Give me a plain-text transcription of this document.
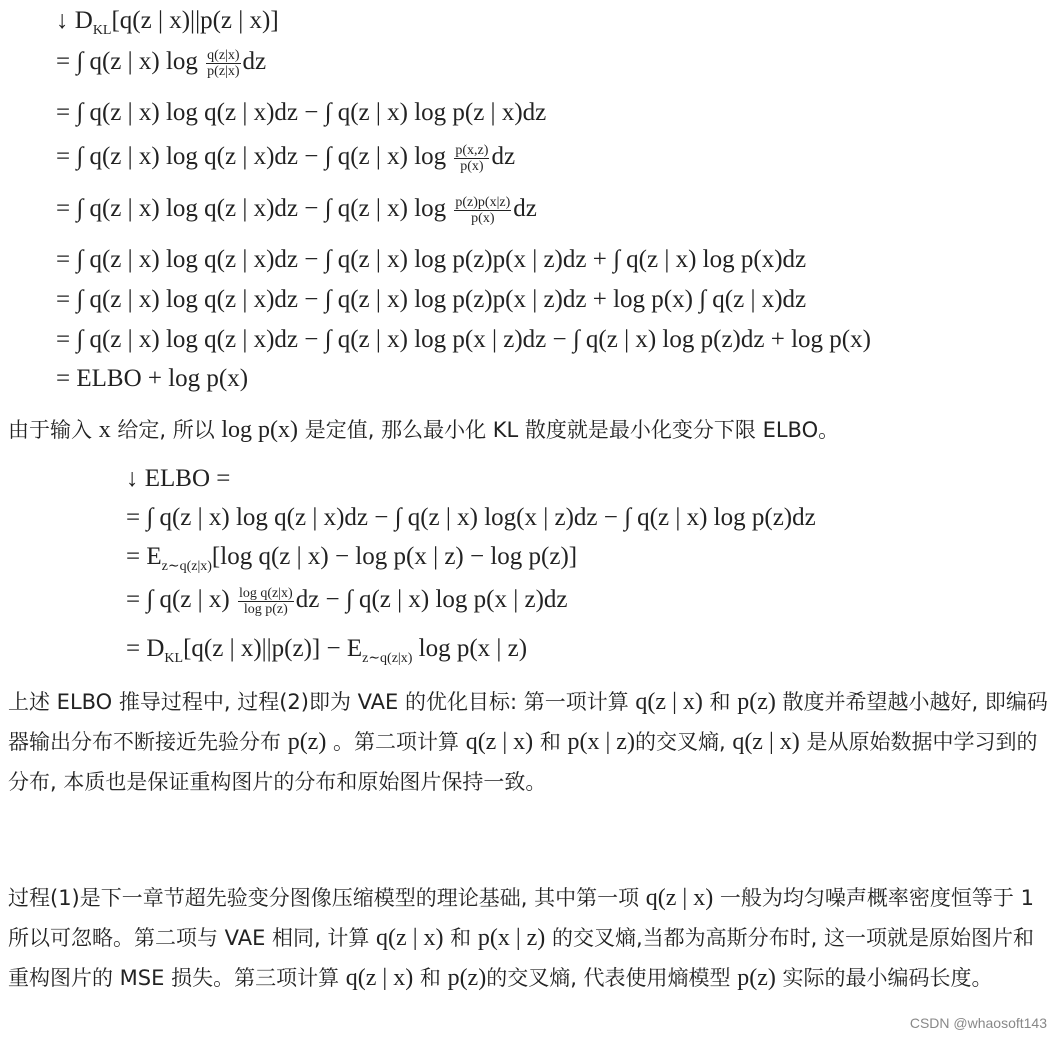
↓ $D_{KL}[q(z$ | x)||p(z | x)]
= ∫ q(z | x) $\log \frac{q(z|x)}{p(z|x)}$ dz
= ∫ q(z | x) log q(z | x)dz − ∫ q(z | x) log p(z | x)dz
= ∫ q(z | x) log q(z | x)dz − ∫ q(z | x) $\log \frac{p(x,z)}{p(x)}$ dz
= ∫ q(z | x) log q(z | x)dz − ∫ q(z | x) $\log \frac{p(z)p(x|z)}{p(x)}$ dz
= ∫ q(z | x) log q(z | x)dz − ∫ q(z | x) log p(z)p(x | z)dz + ∫ q(z | x) log p(x)dz
= ∫ q(z | x) log q(z | x)dz − ∫ q(z | x) log p(z)p(x | z)dz + log p(x) ∫ q(z | x)dz
= ∫ q(z | x) log q(z | x)dz − ∫ q(z | x) log p(x | z)dz − ∫ q(z | x) log p(z)dz + log p(x)
= ELBO + log p(x)

由于输入 x 给定, 所以 log p(x) 是定值, 那么最小化 KL 散度就是最小化变分下限 ELBO。

↓ ELBO =
= ∫ q(z | x) log q(z | x)dz − ∫ q(z | x) log(x | z)dz − ∫ q(z | x) log p(z)dz
= $E_{z\sim q(z|x)}[\log$ q(z | x) − log p(x | z) − log p(z)]
= ∫ q(z | $x) \frac{\text{log q(z|x)}}{\text{log p(z)}}$ dz − ∫ q(z | x) log p(x | z)dz
= $D_{KL}[q(z$ | $x)||p(z)] - E_{z\sim q(z|x)}$ log p(x | z)

上述 ELBO 推导过程中, 过程(2)即为 VAE 的优化目标: 第一项计算 q(z | x) 和 p(z) 散度并希望越小越好, 即编码器输出分布不断接近先验分布 p(z) 。第二项计算 q(z | x) 和 p(x | z)的交叉熵, q(z | x) 是从原始数据中学习到的分布, 本质也是保证重构图片的分布和原始图片保持一致。

过程(1)是下一章节超先验变分图像压缩模型的理论基础, 其中第一项 q(z | x) 一般为均匀噪声概率密度恒等于 1 所以可忽略。第二项与 VAE 相同, 计算 q(z | x) 和 p(x | z) 的交叉熵,当都为高斯分布时, 这一项就是原始图片和重构图片的 MSE 损失。第三项计算 q(z | x) 和 p(z)的交叉熵, 代表使用熵模型 p(z) 实际的最小编码长度。

CSDN @whaosoft143
